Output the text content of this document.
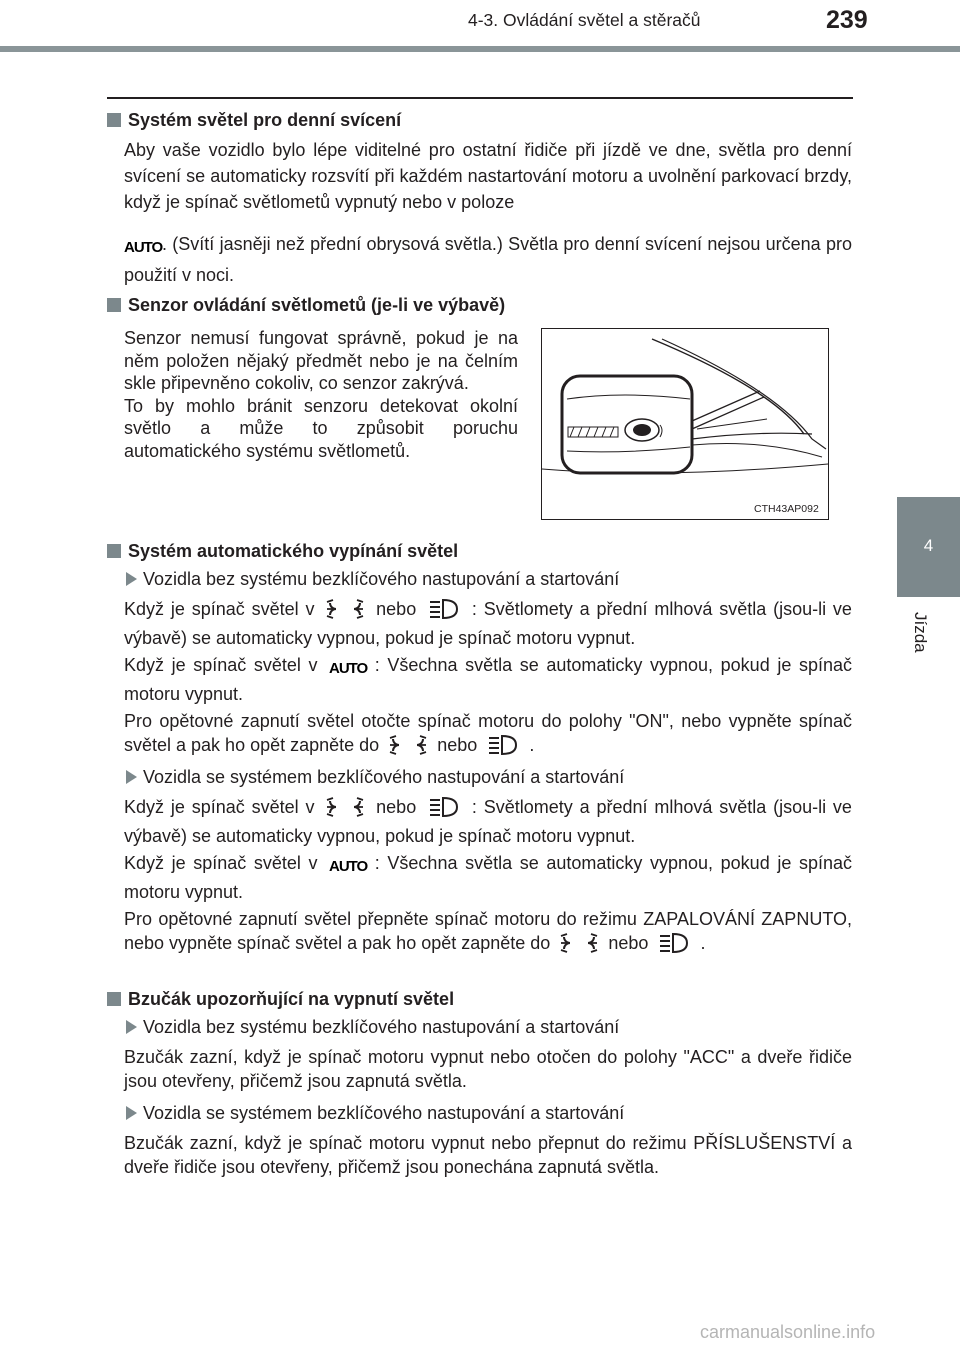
4-3. Ovládání světel a stěračů	239
4
Jízda
Systém světel pro denní svícení
Aby vaše vozidlo bylo lépe viditelné pro ostatní řidiče při jízdě ve dne, světla pro denní svícení se automaticky rozsvítí při každém nastartování motoru a uvolnění parkovací brzdy, když je spínač světlometů vypnutý nebo v poloze
AUTO . (Svítí jasněji než přední obrysová světla.) Světla pro denní svícení nejsou určena pro použití v noci.
Senzor ovládání světlometů (je-li ve výbavě)
Senzor nemusí fungovat správně, pokud je na něm položen nějaký předmět nebo je na čelním skle připevněno cokoliv, co senzor zakrývá.
To by mohlo bránit senzoru detekovat okolní světlo a může to způsobit poruchu automatického systému světlometů.
CTH43AP092
Systém automatického vypínání světel
Vozidla bez systému bezklíčového nastupování a startování
Když je spínač světel v	nebo	: Světlomety a přední mlhová světla (jsou-li ve výbavě) se automaticky vypnou, pokud je spínač motoru vypnut.
Když je spínač světel v AUTO : Všechna světla se automaticky vypnou, pokud je spínač motoru vypnut.
Pro opětovné zapnutí světel otočte spínač motoru do polohy "ON", nebo vypněte spínač světel a pak ho opět zapněte do	nebo	.
Vozidla se systémem bezklíčového nastupování a startování
Když je spínač světel v	nebo	: Světlomety a přední mlhová světla (jsou-li ve výbavě) se automaticky vypnou, pokud je spínač motoru vypnut.
Když je spínač světel v AUTO : Všechna světla se automaticky vypnou, pokud je spínač motoru vypnut.
Pro opětovné zapnutí světel přepněte spínač motoru do režimu ZAPALOVÁNÍ ZAPNUTO, nebo vypněte spínač světel a pak ho opět zapněte do	nebo	.
Bzučák upozorňující na vypnutí světel
Vozidla bez systému bezklíčového nastupování a startování
Bzučák zazní, když je spínač motoru vypnut nebo otočen do polohy "ACC" a dveře řidiče jsou otevřeny, přičemž jsou zapnutá světla.
Vozidla se systémem bezklíčového nastupování a startování
Bzučák zazní, když je spínač motoru vypnut nebo přepnut do režimu PŘÍSLUŠENSTVÍ a dveře řidiče jsou otevřeny, přičemž jsou ponechána zapnutá světla.
carmanualsonline.info
